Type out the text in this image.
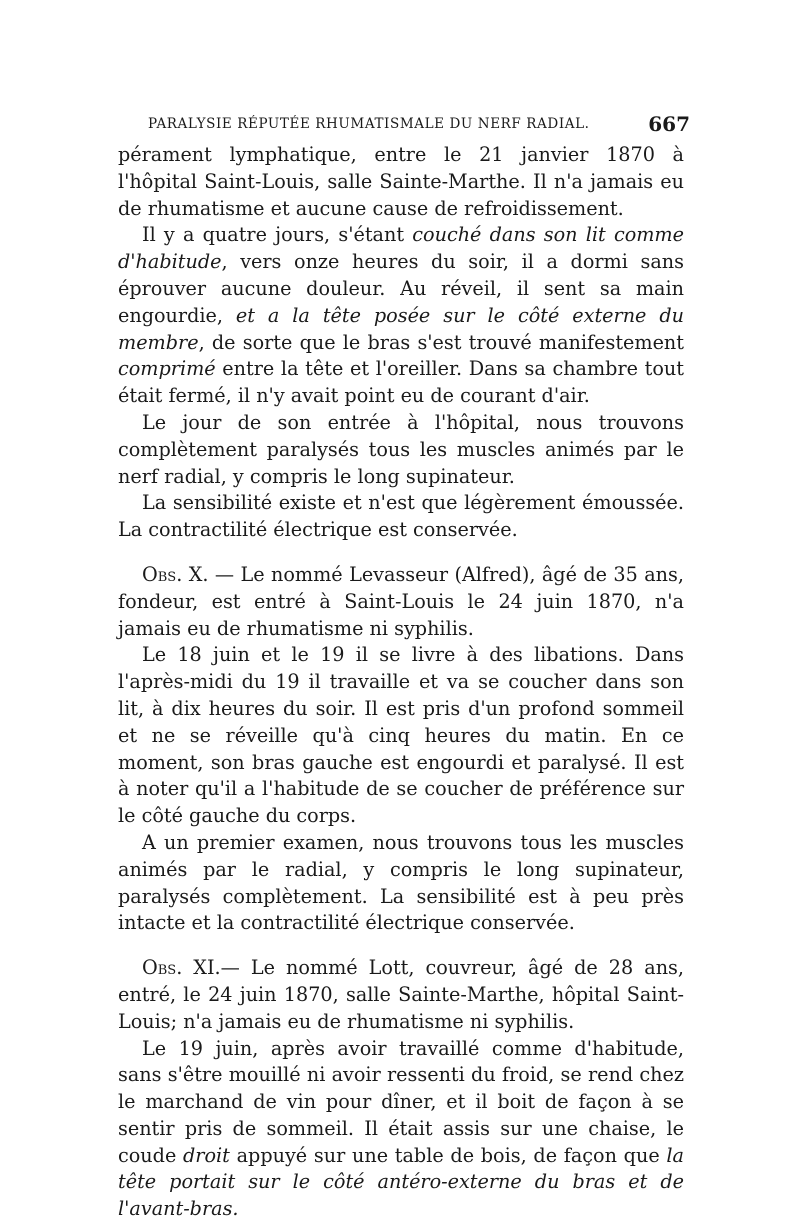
PARALYSIE RÉPUTÉE RHUMATISMALE DU NERF RADIAL.	667

pérament lymphatique, entre le 21 janvier 1870 à l'hôpital Saint-Louis, salle Sainte-Marthe. Il n'a jamais eu de rhumatisme et aucune cause de refroidissement.

Il y a quatre jours, s'étant couché dans son lit comme d'habitude, vers onze heures du soir, il a dormi sans éprouver aucune douleur. Au réveil, il sent sa main engourdie, et a la tête posée sur le côté externe du membre, de sorte que le bras s'est trouvé manifestement comprimé entre la tête et l'oreiller. Dans sa chambre tout était fermé, il n'y avait point eu de courant d'air.

Le jour de son entrée à l'hôpital, nous trouvons complètement paralysés tous les muscles animés par le nerf radial, y compris le long supinateur.

La sensibilité existe et n'est que légèrement émoussée. La contractilité électrique est conservée.

Obs. X. — Le nommé Levasseur (Alfred), âgé de 35 ans, fondeur, est entré à Saint-Louis le 24 juin 1870, n'a jamais eu de rhumatisme ni syphilis.

Le 18 juin et le 19 il se livre à des libations. Dans l'après-midi du 19 il travaille et va se coucher dans son lit, à dix heures du soir. Il est pris d'un profond sommeil et ne se réveille qu'à cinq heures du matin. En ce moment, son bras gauche est engourdi et paralysé. Il est à noter qu'il a l'habitude de se coucher de préférence sur le côté gauche du corps.

A un premier examen, nous trouvons tous les muscles animés par le radial, y compris le long supinateur, paralysés complètement. La sensibilité est à peu près intacte et la contractilité électrique conservée.

Obs. XI.— Le nommé Lott, couvreur, âgé de 28 ans, entré, le 24 juin 1870, salle Sainte-Marthe, hôpital Saint-Louis; n'a jamais eu de rhumatisme ni syphilis.

Le 19 juin, après avoir travaillé comme d'habitude, sans s'être mouillé ni avoir ressenti du froid, se rend chez le marchand de vin pour dîner, et il boit de façon à se sentir pris de sommeil. Il était assis sur une chaise, le coude droit appuyé sur une table de bois, de façon que la tête portait sur le côté antéro-externe du bras et de l'avant-bras.
